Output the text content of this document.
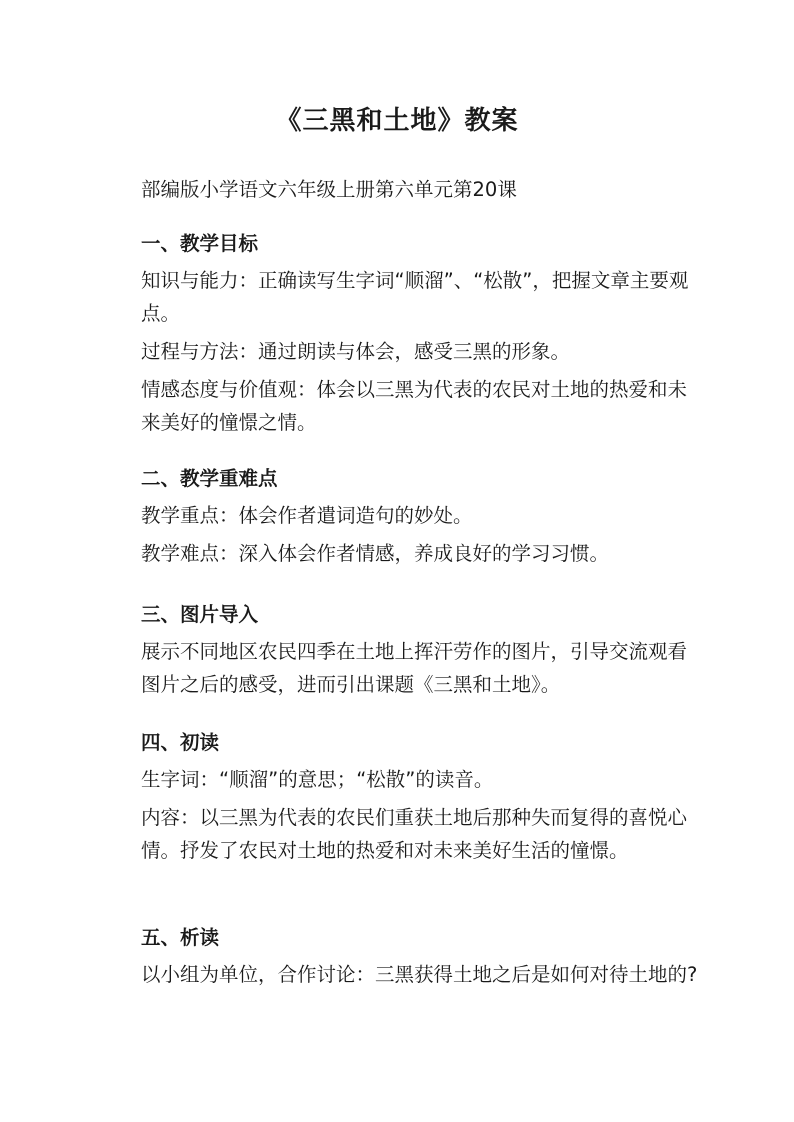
《三黑和土地》教案
部编版小学语文六年级上册第六单元第20课
一、教学目标
知识与能力：正确读写生字词“顺溜”、“松散”，把握文章主要观点。
过程与方法：通过朗读与体会，感受三黑的形象。
情感态度与价值观：体会以三黑为代表的农民对土地的热爱和未来美好的憧憬之情。
二、教学重难点
教学重点：体会作者遣词造句的妙处。
教学难点：深入体会作者情感，养成良好的学习习惯。
三、图片导入
展示不同地区农民四季在土地上挥汗劳作的图片，引导交流观看图片之后的感受，进而引出课题《三黑和土地》。
四、初读
生字词：“顺溜”的意思；“松散”的读音。
内容：以三黑为代表的农民们重获土地后那种失而复得的喜悦心情。抒发了农民对土地的热爱和对未来美好生活的憧憬。
五、析读
以小组为单位，合作讨论：三黑获得土地之后是如何对待土地的?
